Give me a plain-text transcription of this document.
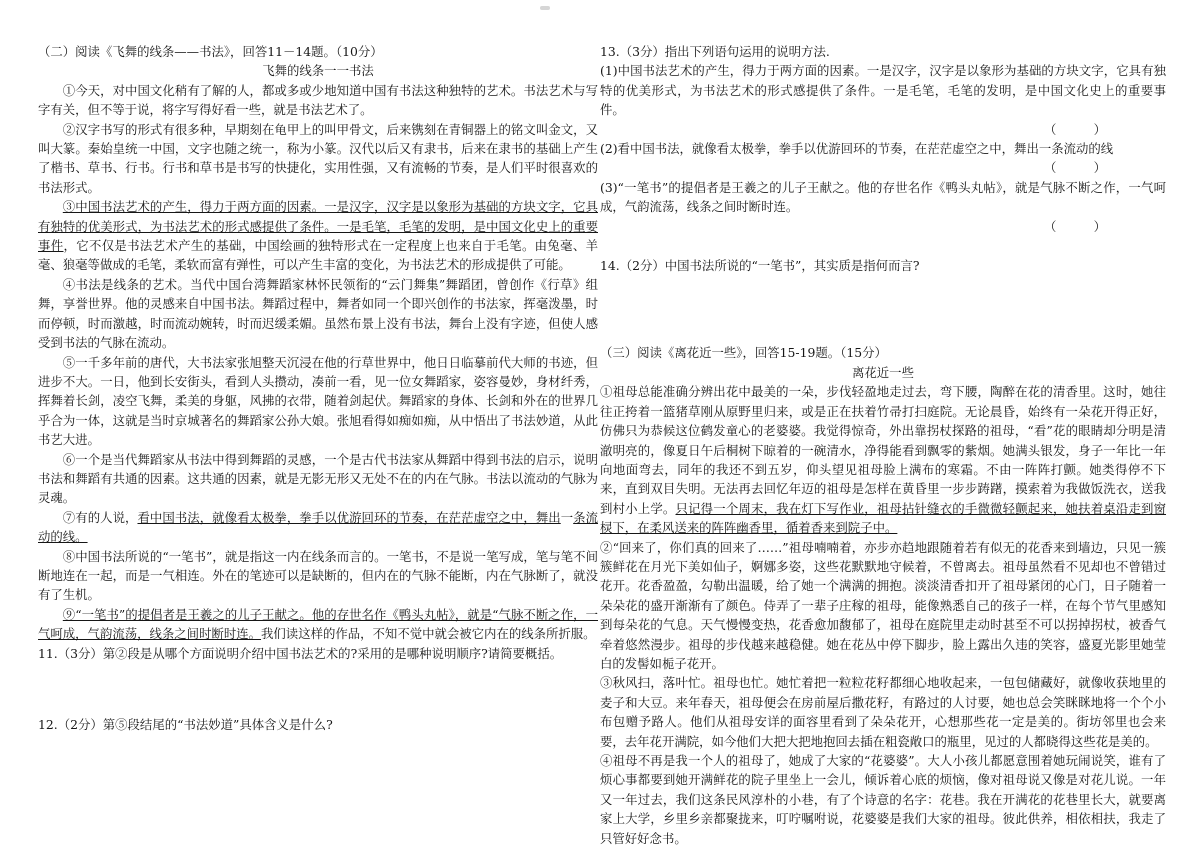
（二）阅读《飞舞的线条——书法》，回答11－14题。（10分）

飞舞的线条一一书法

①今天，对中国文化稍有了解的人，都或多或少地知道中国有书法这种独特的艺术。书法艺术与写字有关，但不等于说，将字写得好看一些，就是书法艺术了。

②汉字书写的形式有很多种，早期刻在龟甲上的叫甲骨文，后来镌刻在青铜器上的铭文叫金文，又叫大篆。秦始皇统一中国，文字也随之统一，称为小篆。汉代以后又有隶书，后来在隶书的基础上产生了楷书、草书、行书。行书和草书是书写的快捷化，实用性强，又有流畅的节奏，是人们平时很喜欢的书法形式。

③中国书法艺术的产生，得力于两方面的因素。一是汉字，汉字是以象形为基础的方块文字，它具有独特的优美形式，为书法艺术的形式感提供了条件。一是毛笔，毛笔的发明，是中国文化史上的重要事件，它不仅是书法艺术产生的基础，中国绘画的独特形式在一定程度上也来自于毛笔。由兔毫、羊毫、狼毫等做成的毛笔，柔软而富有弹性，可以产生丰富的变化，为书法艺术的形成提供了可能。

④书法是线条的艺术。当代中国台湾舞蹈家林怀民领衔的“云门舞集”舞蹈团，曾创作《行草》组舞，享誉世界。他的灵感来自中国书法。舞蹈过程中，舞者如同一个即兴创作的书法家，挥毫泼墨，时而停顿，时而激越，时而流动婉转，时而迟缓柔媚。虽然布景上没有书法，舞台上没有字迹，但使人感受到书法的气脉在流动。

⑤一千多年前的唐代，大书法家张旭整天沉浸在他的行草世界中，他日日临摹前代大师的书迹，但进步不大。一日，他到长安街头，看到人头攒动，凑前一看，见一位女舞蹈家，姿容曼妙，身材纤秀，挥舞着长剑，凌空飞舞，柔美的身躯，风拂的衣带，随着剑起伏。舞蹈家的身体、长剑和外在的世界几乎合为一体，这就是当时京城著名的舞蹈家公孙大娘。张旭看得如痴如痴，从中悟出了书法妙道，从此书艺大进。

⑥一个是当代舞蹈家从书法中得到舞蹈的灵感，一个是古代书法家从舞蹈中得到书法的启示，说明书法和舞蹈有共通的因素。这共通的因素，就是无影无形又无处不在的内在气脉。书法以流动的气脉为灵魂。

⑦有的人说，看中国书法，就像看太极拳，拳手以优游回环的节奏，在茫茫虚空之中，舞出一条流动的线。

⑧中国书法所说的“一笔书”，就是指这一内在线条而言的。一笔书，不是说一笔写成，笔与笔不间断地连在一起，而是一气相连。外在的笔迹可以是缺断的，但内在的气脉不能断，内在气脉断了，就没有了生机。

⑨“一笔书”的提倡者是王羲之的儿子王献之。他的存世名作《鸭头丸帖》，就是“气脉不断之作，一气呵成，气韵流荡，线条之间时断时连。我们读这样的作品，不知不觉中就会被它内在的线条所折服。

11.（3分）第②段是从哪个方面说明介绍中国书法艺术的?采用的是哪种说明顺序?请简要概括。

12.（2分）第⑤段结尾的“书法妙道”具体含义是什么?

13.（3分）指出下列语句运用的说明方法.

(1)中国书法艺术的产生，得力于两方面的因素。一是汉字，汉字是以象形为基础的方块文字，它具有独特的优美形式，为书法艺术的形式感提供了条件。一是毛笔，毛笔的发明，是中国文化史上的重要事件。
（　　　）

(2)看中国书法，就像看太极拳，拳手以优游回环的节奏，在茫茫虚空之中，舞出一条流动的线
（　　　）

(3)“一笔书”的提倡者是王羲之的儿子王献之。他的存世名作《鸭头丸帖》，就是气脉不断之作，一气呵成，气韵流荡，线条之间时断时连。
（　　　）

14.（2分）中国书法所说的“一笔书”，其实质是指何而言?

（三）阅读《离花近一些》，回答15-19题。（15分）

离花近一些

①祖母总能准确分辨出花中最美的一朵，步伐轻盈地走过去，弯下腰，陶醉在花的清香里。这时，她往往正挎着一篮猪草刚从原野里归来，或是正在扶着竹帚打扫庭院。无论晨昏，始终有一朵花开得正好，仿佛只为恭候这位鹤发童心的老婆婆。我觉得惊奇，外出靠拐杖探路的祖母，“看”花的眼睛却分明是清澈明亮的，像夏日午后桐树下晾着的一碗清水，净得能看到飘零的紫烟。她满头银发，身子一年比一年向地面弯去，同年的我还不到五岁，仰头望见祖母脸上满布的寒霜。不由一阵阵打颤。她类得停不下来，直到双目失明。无法再去回忆年迈的祖母是怎样在黄昏里一步步踌躇，摸索着为我做饭洗衣，送我到村小上学。只记得一个周末，我在灯下写作业，祖母拈针缝衣的手微微轻颤起来，她扶着桌沿走到窗棂下，在柔风送来的阵阵幽香里，循着香来到院子中。

②“回来了，你们真的回来了……”祖母喃喃着，亦步亦趋地跟随着若有似无的花香来到墙边，只见一簇簇鲜花在月光下美如仙子，婀娜多姿，这些花默默地守候着，不曾离去。祖母虽然看不见却也不曾错过花开。花香盈盈，勾勒出温暖，给了她一个满满的拥抱。淡淡清香扣开了祖母紧闭的心门，日子随着一朵朵花的盛开渐渐有了颜色。侍弄了一辈子庄稼的祖母，能像熟悉自己的孩子一样，在每个节气里感知到每朵花的气息。天气慢慢变热，花香愈加馥郁了，祖母在庭院里走动时甚至不可以拐掉拐杖，被香气牵着悠然漫步。祖母的步伐越来越稳健。她在花丛中停下脚步，脸上露出久违的笑容，盛夏光影里她莹白的发髻如栀子花开。

③秋风扫，落叶忙。祖母也忙。她忙着把一粒粒花籽都细心地收起来，一包包储藏好，就像收获地里的麦子和大豆。来年春天，祖母便会在房前屋后撒花籽，有路过的人讨要，她也总会笑眯眯地将一个个小布包赠予路人。他们从祖母安详的面容里看到了朵朵花开，心想那些花一定是美的。街坊邻里也会来要，去年花开满院，如今他们大把大把地抱回去插在粗瓷敞口的瓶里，见过的人都晓得这些花是美的。

④祖母不再是我一个人的祖母了，她成了大家的“花婆婆”。大人小孩儿都愿意围着她玩闹说笑，谁有了烦心事都要到她开满鲜花的院子里坐上一会儿，倾诉着心底的烦恼，像对祖母说又像是对花儿说。一年又一年过去，我们这条民风淳朴的小巷，有了个诗意的名字：花巷。我在开满花的花巷里长大，就要离家上大学，乡里乡亲都聚拢来，叮咛嘱咐说，花婆婆是我们大家的祖母。彼此供养，相依相扶，我走了只管好好念书。
